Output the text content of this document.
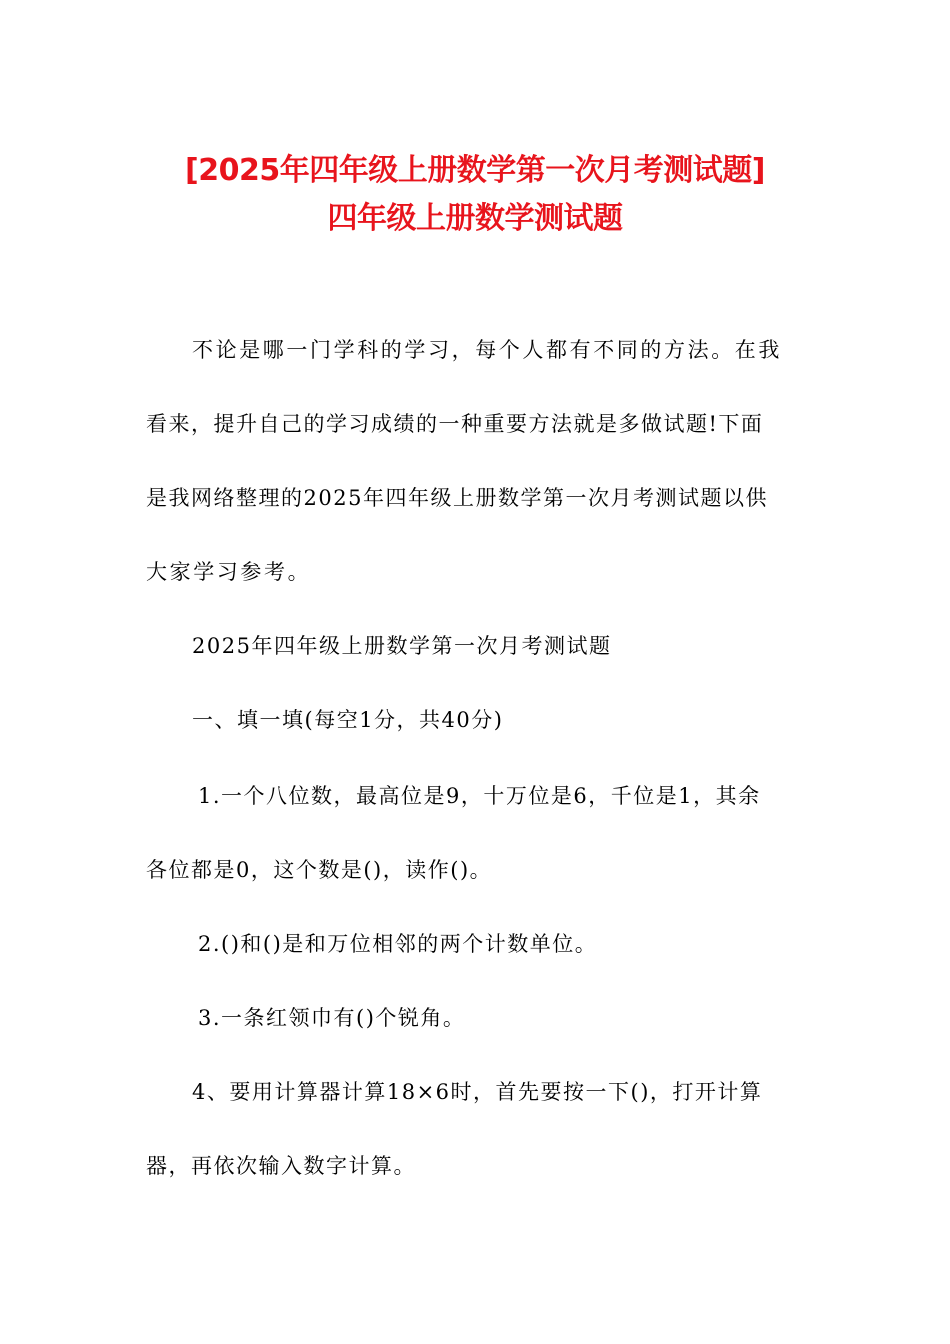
[2025年四年级上册数学第一次月考测试题]
四年级上册数学测试题
不论是哪一门学科的学习，每个人都有不同的方法。在我
看来，提升自己的学习成绩的一种重要方法就是多做试题!下面
是我网络整理的2025年四年级上册数学第一次月考测试题以供
大家学习参考。
2025年四年级上册数学第一次月考测试题
一、填一填(每空1分，共40分)
1.一个八位数，最高位是9，十万位是6，千位是1，其余
各位都是0，这个数是()，读作()。
2.()和()是和万位相邻的两个计数单位。
3.一条红领巾有()个锐角。
4、要用计算器计算18×6时，首先要按一下()，打开计算
器，再依次输入数字计算。
